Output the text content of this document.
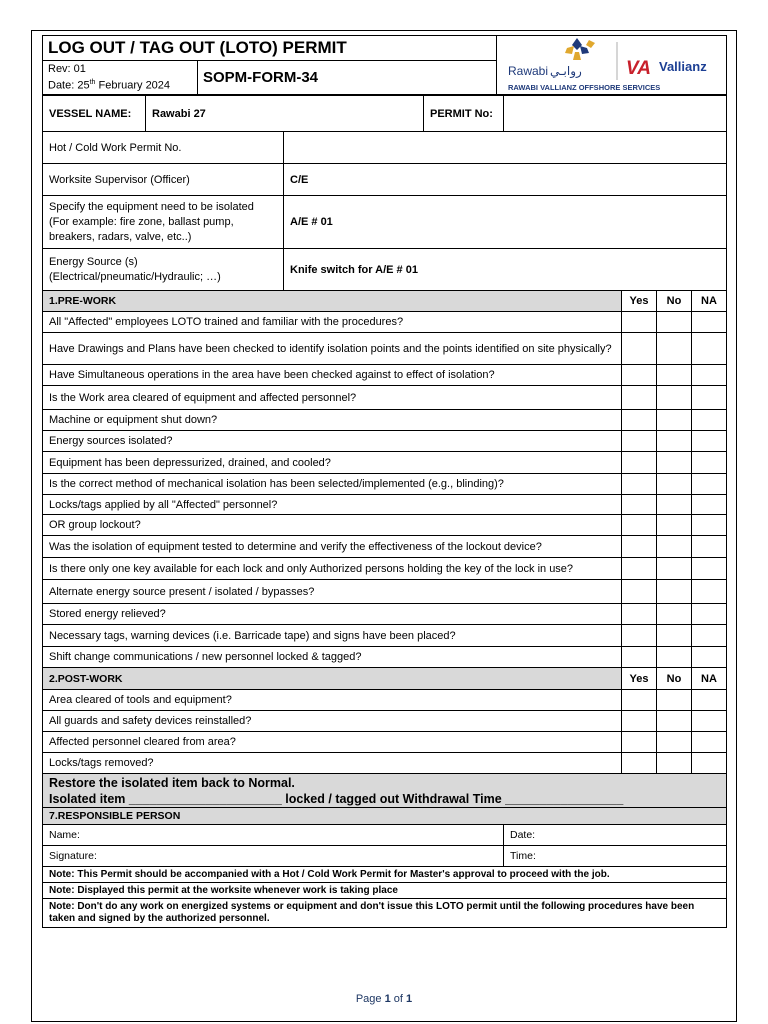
LOG OUT / TAG OUT (LOTO) PERMIT		Rawabi روابـي VA Vallianz
RAWABI VALLIANZ OFFSHORE SERVICES

Rev: 01
Date: 25th February 2024	SOPM-FORM-34	
VESSEL NAME:	Rawabi 27		PERMIT No:				
Hot / Cold Work Permit No.							
Worksite Supervisor (Officer)		C/E					
Specify the equipment need to be isolated (For example: fire zone, ballast pump, breakers, radars, valve, etc..)		A/E # 01					
Energy Source (s) (Electrical/pneumatic/Hydraulic; …)		Knife switch for A/E # 01					
1.PRE-WORK					Yes	No	NA
All "Affected" employees LOTO trained and familiar with the procedures?							
Have Drawings and Plans have been checked to identify isolation points and the points identified on site physically?							
Have Simultaneous operations in the area have been checked against to effect of isolation?							
Is the Work area cleared of equipment and affected personnel?							
Machine or equipment shut down?							
Energy sources isolated?							
Equipment has been depressurized, drained, and cooled?							
Is the correct method of mechanical isolation has been selected/implemented (e.g., blinding)?							
Locks/tags applied by all "Affected" personnel?							
OR group lockout?							
Was the isolation of equipment tested to determine and verify the effectiveness of the lockout device?							
Is there only one key available for each lock and only Authorized persons holding the key of the lock in use?							
Alternate energy source present / isolated / bypasses?							
Stored energy relieved?							
Necessary tags, warning devices (i.e. Barricade tape) and signs have been placed?							
Shift change communications / new personnel locked & tagged?							
2.POST-WORK					Yes	No	NA
Area cleared of tools and equipment?							
All guards and safety devices reinstalled?							
Affected personnel cleared from area?							
Locks/tags removed?							

Restore the isolated item back to Normal.
Isolated item ______________________ locked / tagged out Withdrawal Time _________________							

7.RESPONSIBLE PERSON							
Name:				Date:			
Signature:				Time:			
Note: This Permit should be accompanied with a Hot / Cold Work Permit for Master's approval to proceed with the job.							
Note: Displayed this permit at the worksite whenever work is taking place							
Note: Don't do any work on energized systems or equipment and don't issue this LOTO permit until the following procedures have been taken and signed by the authorized personnel.							
Page 1 of 1
